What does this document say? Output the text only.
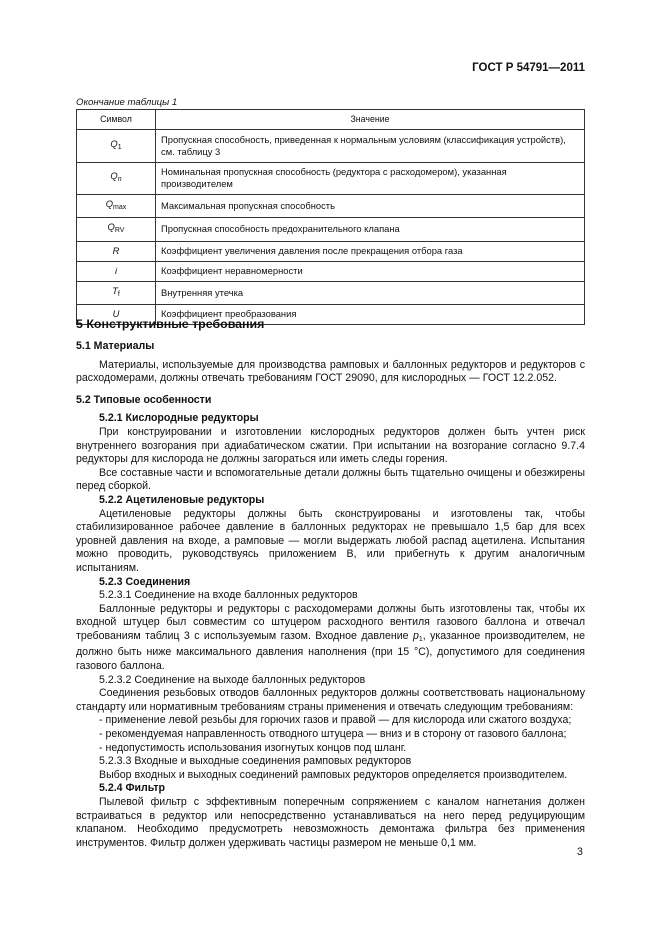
ГОСТ Р 54791—2011
Окончание таблицы 1
Символ	Значение
$Q_1$	Пропускная способность, приведенная к нормальным условиям (классификация устройств), см. таблицу 3
$Q_n$	Номинальная пропускная способность (редуктора с расходомером), указанная производителем
$Q_{max}$	Максимальная пропускная способность
$Q_{RV}$	Пропускная способность предохранительного клапана
R	Коэффициент увеличения давления после прекращения отбора газа
i	Коэффициент неравномерности
$T_f$	Внутренняя утечка
U	Коэффициент преобразования
5 Конструктивные требования
5.1 Материалы

Материалы, используемые для производства рамповых и баллонных редукторов и редукторов с расходомерами, должны отвечать требованиям ГОСТ 29090, для кислородных — ГОСТ 12.2.052.

5.2 Типовые особенности
5.2.1 Кислородные редукторы

При конструировании и изготовлении кислородных редукторов должен быть учтен риск внутреннего возгорания при адиабатическом сжатии. При испытании на возгорание согласно 9.7.4 редукторы для кислорода не должны загораться или иметь следы горения.

Все составные части и вспомогательные детали должны быть тщательно очищены и обезжирены перед сборкой.

5.2.2 Ацетиленовые редукторы

Ацетиленовые редукторы должны быть сконструированы и изготовлены так, чтобы стабилизированное рабочее давление в баллонных редукторах не превышало 1,5 бар для всех уровней давления на входе, а рамповые — могли выдержать любой распад ацетилена. Испытания можно проводить, руководствуясь приложением В, или прибегнуть к другим аналогичным испытаниям.

5.2.3 Соединения
5.2.3.1 Соединение на входе баллонных редукторов

Баллонные редукторы и редукторы с расходомерами должны быть изготовлены так, чтобы их входной штуцер был совместим со штуцером расходного вентиля газового баллона и отвечал требованиям таблиц 3 с используемым газом. Входное давление $p_1$, указанное производителем, не должно быть ниже максимального давления наполнения (при 15 °С), допустимого для соединения газового баллона.

5.2.3.2 Соединение на выходе баллонных редукторов

Соединения резьбовых отводов баллонных редукторов должны соответствовать национальному стандарту или нормативным требованиям страны применения и отвечать следующим требованиям:

- применение левой резьбы для горючих газов и правой — для кислорода или сжатого воздуха;

- рекомендуемая направленность отводного штуцера — вниз и в сторону от газового баллона;

- недопустимость использования изогнутых концов под шланг.

5.2.3.3 Входные и выходные соединения рамповых редукторов

Выбор входных и выходных соединений рамповых редукторов определяется производителем.

5.2.4 Фильтр

Пылевой фильтр с эффективным поперечным сопряжением с каналом нагнетания должен встраиваться в редуктор или непосредственно устанавливаться на него перед редуцирующим клапаном. Необходимо предусмотреть невозможность демонтажа фильтра без применения инструментов. Фильтр должен удерживать частицы размером не меньше 0,1 мм.

3
